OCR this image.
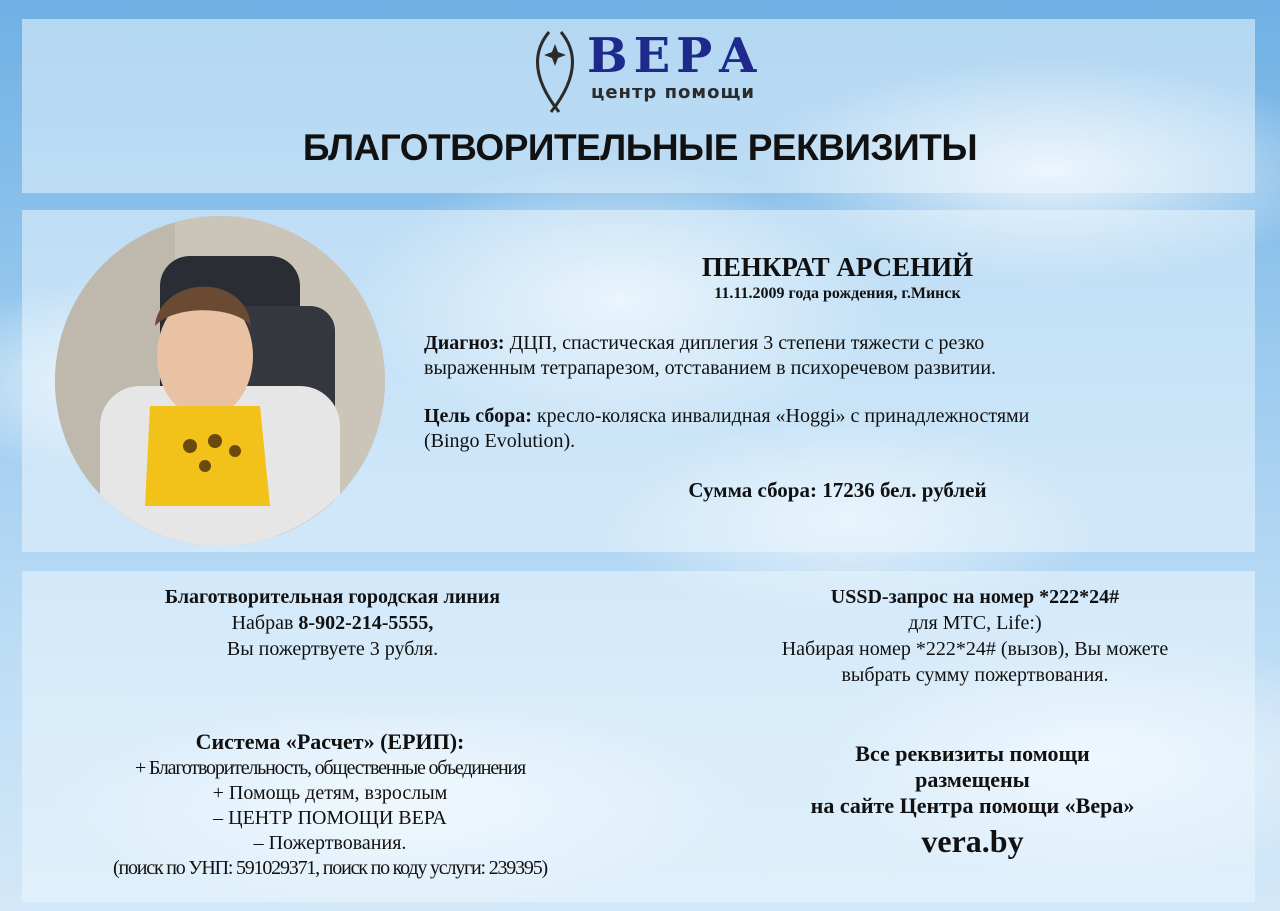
ВЕРА
центр помощи
БЛАГОТВОРИТЕЛЬНЫЕ РЕКВИЗИТЫ
ПЕНКРАТ АРСЕНИЙ
11.11.2009 года рождения, г.Минск
Диагноз: ДЦП, спастическая диплегия 3 степени тяжести с резко
выраженным тетрапарезом, отставанием в психоречевом развитии.
Цель сбора: кресло-коляска инвалидная «Hoggi» с принадлежностями
(Bingo Evolution).
Сумма сбора: 17236 бел. рублей
Благотворительная городская линия
Набрав 8-902-214-5555,
Вы пожертвуете 3 рубля.
USSD-запрос на номер *222*24#
для МТС, Life:)
Набирая номер *222*24# (вызов), Вы можете
выбрать сумму пожертвования.
Система «Расчет» (ЕРИП):
+ Благотворительность, общественные объединения
+ Помощь детям, взрослым
– ЦЕНТР ПОМОЩИ ВЕРА
– Пожертвования.
(поиск по УНП: 591029371, поиск по коду услуги: 239395)
Все реквизиты помощи
размещены
на сайте Центра помощи «Вера»
vera.by
